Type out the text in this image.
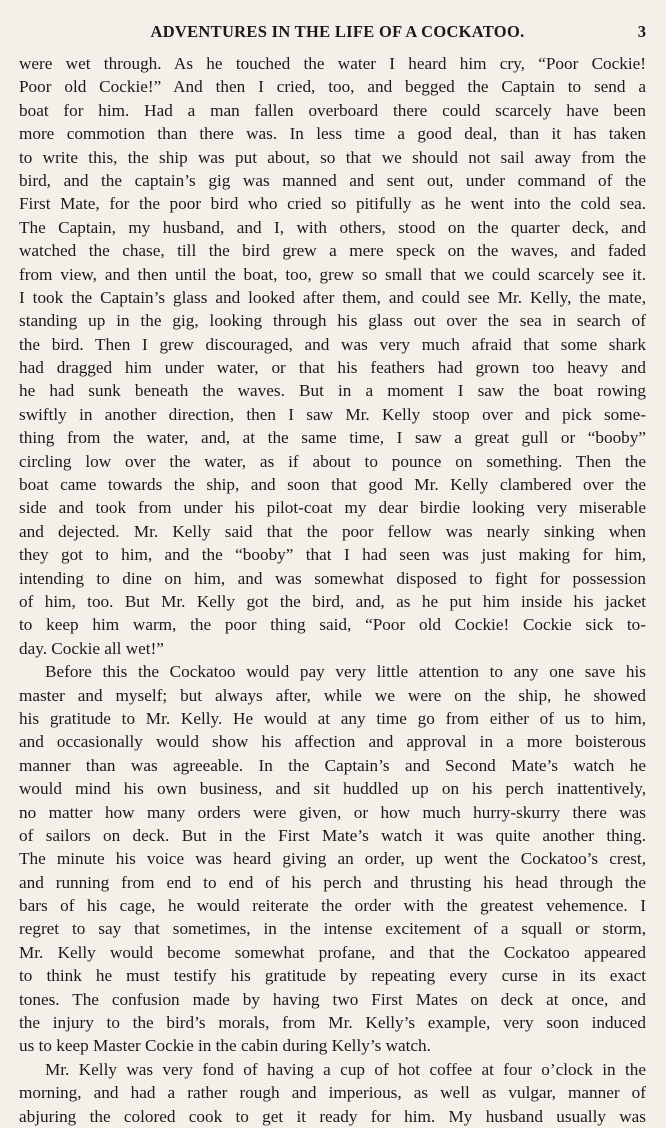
ADVENTURES IN THE LIFE OF A COCKATOO.	3
were wet through. As he touched the water I heard him cry, “Poor Cockie!
Poor old Cockie!” And then I cried, too, and begged the Captain to send a
boat for him. Had a man fallen overboard there could scarcely have been
more commotion than there was. In less time a good deal, than it has taken
to write this, the ship was put about, so that we should not sail away from the
bird, and the captain’s gig was manned and sent out, under command of the
First Mate, for the poor bird who cried so pitifully as he went into the cold sea.
The Captain, my husband, and I, with others, stood on the quarter deck, and
watched the chase, till the bird grew a mere speck on the waves, and faded
from view, and then until the boat, too, grew so small that we could scarcely see it.
I took the Captain’s glass and looked after them, and could see Mr. Kelly, the mate,
standing up in the gig, looking through his glass out over the sea in search of
the bird. Then I grew discouraged, and was very much afraid that some shark
had dragged him under water, or that his feathers had grown too heavy and
he had sunk beneath the waves. But in a moment I saw the boat rowing
swiftly in another direction, then I saw Mr. Kelly stoop over and pick some-
thing from the water, and, at the same time, I saw a great gull or “booby”
circling low over the water, as if about to pounce on something. Then the
boat came towards the ship, and soon that good Mr. Kelly clambered over the
side and took from under his pilot-coat my dear birdie looking very miserable
and dejected. Mr. Kelly said that the poor fellow was nearly sinking when
they got to him, and the “booby” that I had seen was just making for him,
intending to dine on him, and was somewhat disposed to fight for possession
of him, too. But Mr. Kelly got the bird, and, as he put him inside his jacket
to keep him warm, the poor thing said, “Poor old Cockie! Cockie sick to-
day. Cockie all wet!”
Before this the Cockatoo would pay very little attention to any one save his
master and myself; but always after, while we were on the ship, he showed
his gratitude to Mr. Kelly. He would at any time go from either of us to him,
and occasionally would show his affection and approval in a more boisterous
manner than was agreeable. In the Captain’s and Second Mate’s watch he
would mind his own business, and sit huddled up on his perch inattentively,
no matter how many orders were given, or how much hurry-skurry there was
of sailors on deck. But in the First Mate’s watch it was quite another thing.
The minute his voice was heard giving an order, up went the Cockatoo’s crest,
and running from end to end of his perch and thrusting his head through the
bars of his cage, he would reiterate the order with the greatest vehemence. I
regret to say that sometimes, in the intense excitement of a squall or storm,
Mr. Kelly would become somewhat profane, and that the Cockatoo appeared
to think he must testify his gratitude by repeating every curse in its exact
tones. The confusion made by having two First Mates on deck at once, and
the injury to the bird’s morals, from Mr. Kelly’s example, very soon induced
us to keep Master Cockie in the cabin during Kelly’s watch.
Mr. Kelly was very fond of having a cup of hot coffee at four o’clock in the
morning, and had a rather rough and imperious, as well as vulgar, manner of
abjuring the colored cook to get it ready for him. My husband usually was
